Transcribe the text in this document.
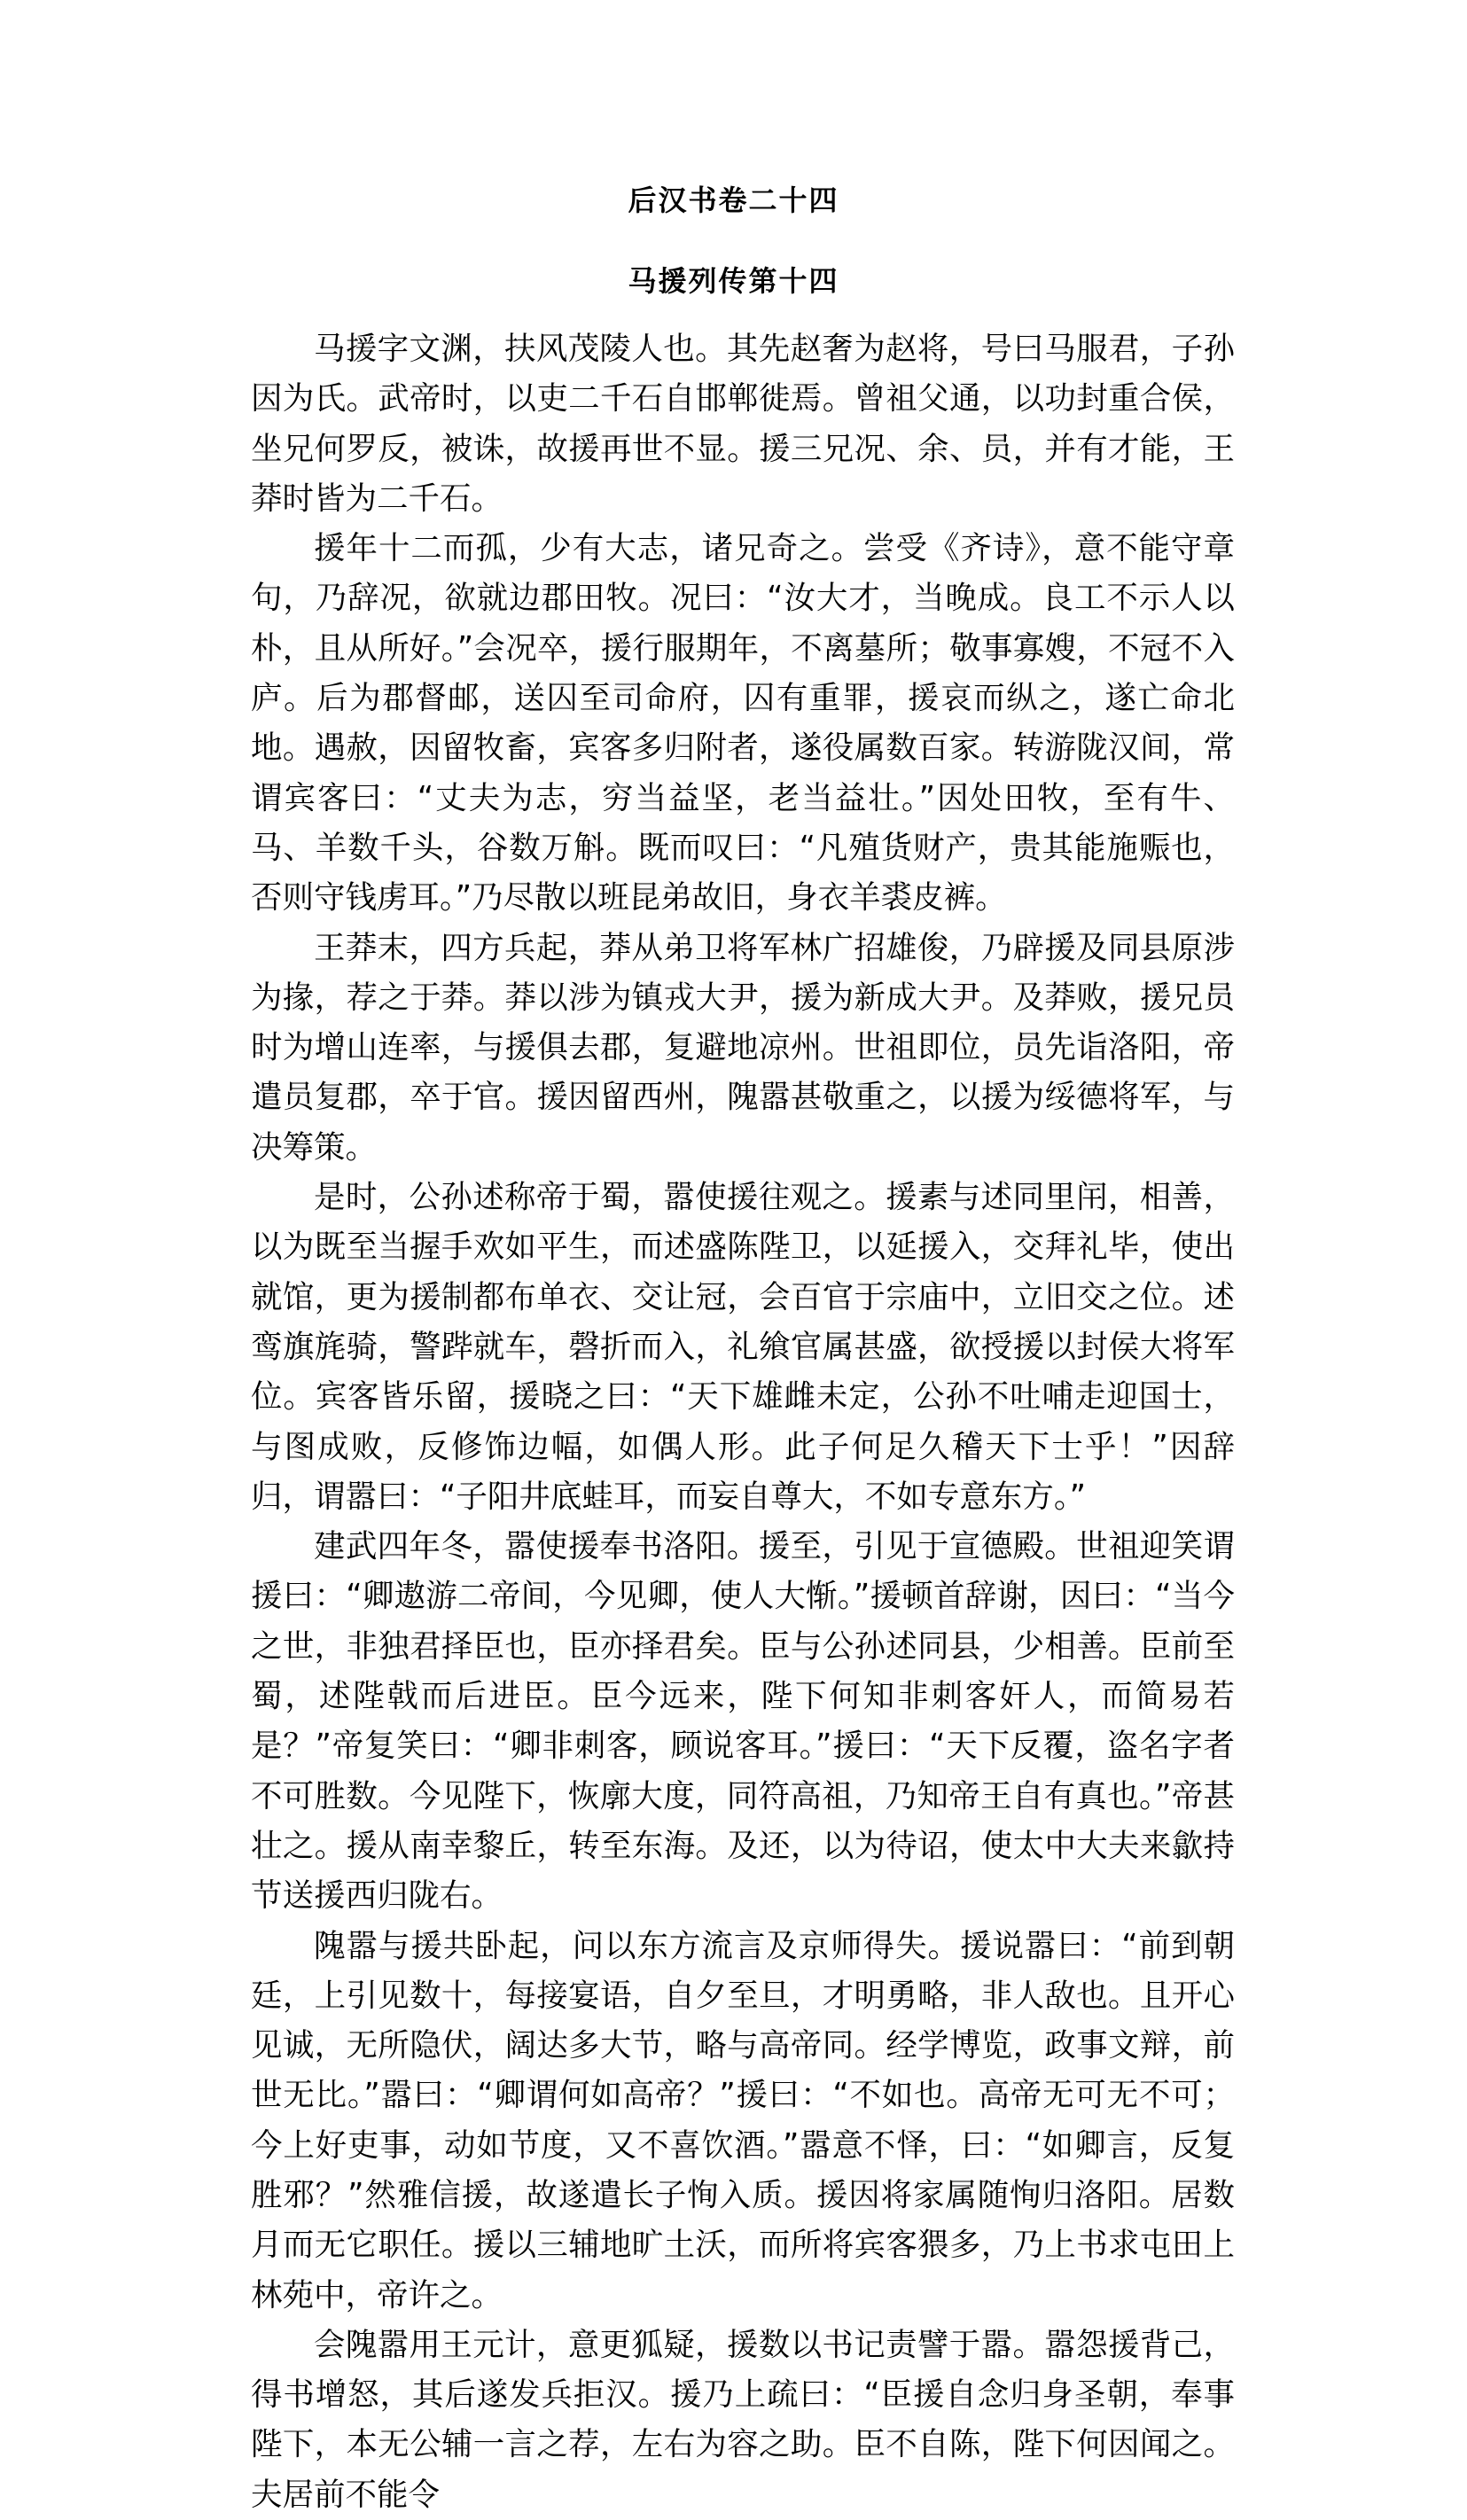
后汉书卷二十四
马援列传第十四

马援字文渊，扶风茂陵人也。其先赵奢为赵将，号曰马服君，子孙因为氏。武帝时，以吏二千石自邯郸徙焉。曾祖父通，以功封重合侯，坐兄何罗反，被诛，故援再世不显。援三兄况、余、员，并有才能，王莽时皆为二千石。

援年十二而孤，少有大志，诸兄奇之。尝受《齐诗》，意不能守章句，乃辞况，欲就边郡田牧。况曰：“汝大才，当晚成。良工不示人以朴，且从所好。”会况卒，援行服期年，不离墓所；敬事寡嫂，不冠不入庐。后为郡督邮，送囚至司命府，囚有重罪，援哀而纵之，遂亡命北地。遇赦，因留牧畜，宾客多归附者，遂役属数百家。转游陇汉间，常谓宾客曰：“丈夫为志，穷当益坚，老当益壮。”因处田牧，至有牛、马、羊数千头，谷数万斛。既而叹曰：“凡殖货财产，贵其能施赈也，否则守钱虏耳。”乃尽散以班昆弟故旧，身衣羊裘皮裤。

王莽末，四方兵起，莽从弟卫将军林广招雄俊，乃辟援及同县原涉为掾，荐之于莽。莽以涉为镇戎大尹，援为新成大尹。及莽败，援兄员时为增山连率，与援俱去郡，复避地凉州。世祖即位，员先诣洛阳，帝遣员复郡，卒于官。援因留西州，隗嚣甚敬重之，以援为绥德将军，与决筹策。

是时，公孙述称帝于蜀，嚣使援往观之。援素与述同里闬，相善，以为既至当握手欢如平生，而述盛陈陛卫，以延援入，交拜礼毕，使出就馆，更为援制都布单衣、交让冠，会百官于宗庙中，立旧交之位。述鸾旗旄骑，警跸就车，磬折而入，礼飨官属甚盛，欲授援以封侯大将军位。宾客皆乐留，援晓之曰：“天下雄雌未定，公孙不吐哺走迎国士，与图成败，反修饰边幅，如偶人形。此子何足久稽天下士乎！”因辞归，谓嚣曰：“子阳井底蛙耳，而妄自尊大，不如专意东方。”

建武四年冬，嚣使援奉书洛阳。援至，引见于宣德殿。世祖迎笑谓援曰：“卿遨游二帝间，今见卿，使人大惭。”援顿首辞谢，因曰：“当今之世，非独君择臣也，臣亦择君矣。臣与公孙述同县，少相善。臣前至蜀，述陛戟而后进臣。臣今远来，陛下何知非刺客奸人，而简易若是？”帝复笑曰：“卿非刺客，顾说客耳。”援曰：“天下反覆，盗名字者不可胜数。今见陛下，恢廓大度，同符高祖，乃知帝王自有真也。”帝甚壮之。援从南幸黎丘，转至东海。及还，以为待诏，使太中大夫来歙持节送援西归陇右。

隗嚣与援共卧起，问以东方流言及京师得失。援说嚣曰：“前到朝廷，上引见数十，每接宴语，自夕至旦，才明勇略，非人敌也。且开心见诚，无所隐伏，阔达多大节，略与高帝同。经学博览，政事文辩，前世无比。”嚣曰：“卿谓何如高帝？”援曰：“不如也。高帝无可无不可；今上好吏事，动如节度，又不喜饮酒。”嚣意不怿，曰：“如卿言，反复胜邪？”然雅信援，故遂遣长子恂入质。援因将家属随恂归洛阳。居数月而无它职任。援以三辅地旷土沃，而所将宾客猥多，乃上书求屯田上林苑中，帝许之。

会隗嚣用王元计，意更狐疑，援数以书记责譬于嚣。嚣怨援背己，得书增怒，其后遂发兵拒汉。援乃上疏曰：“臣援自念归身圣朝，奉事陛下，本无公辅一言之荐，左右为容之助。臣不自陈，陛下何因闻之。夫居前不能令
